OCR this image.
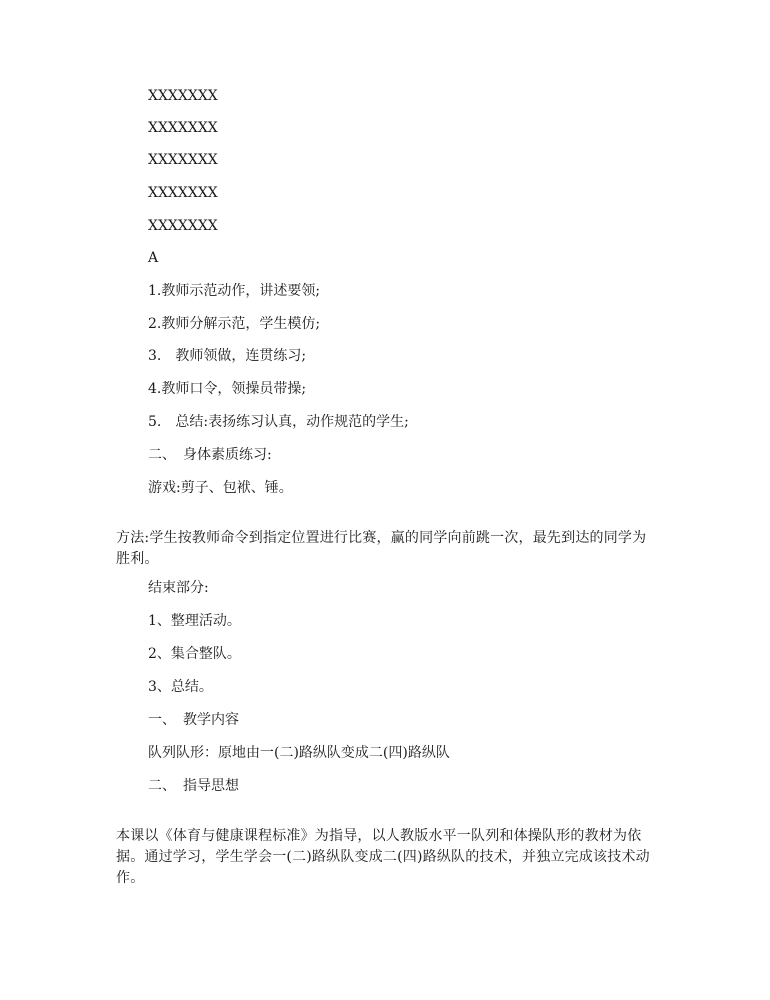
XXXXXXX

XXXXXXX

XXXXXXX

XXXXXXX

XXXXXXX

A

1.教师示范动作，讲述要领;

2.教师分解示范，学生模仿;

3.　教师领做，连贯练习;

4.教师口令，领操员带操;

5.　总结:表扬练习认真，动作规范的学生;

二、　身体素质练习:

游戏:剪子、包袱、锤。

方法:学生按教师命令到指定位置进行比赛，赢的同学向前跳一次，最先到达的同学为胜利。

结束部分:

1、整理活动。

2、集合整队。

3、总结。

一、　教学内容

队列队形：原地由一(二)路纵队变成二(四)路纵队

二、　指导思想

本课以《体育与健康课程标准》为指导，以人教版水平一队列和体操队形的教材为依据。通过学习，学生学会一(二)路纵队变成二(四)路纵队的技术，并独立完成该技术动作。
